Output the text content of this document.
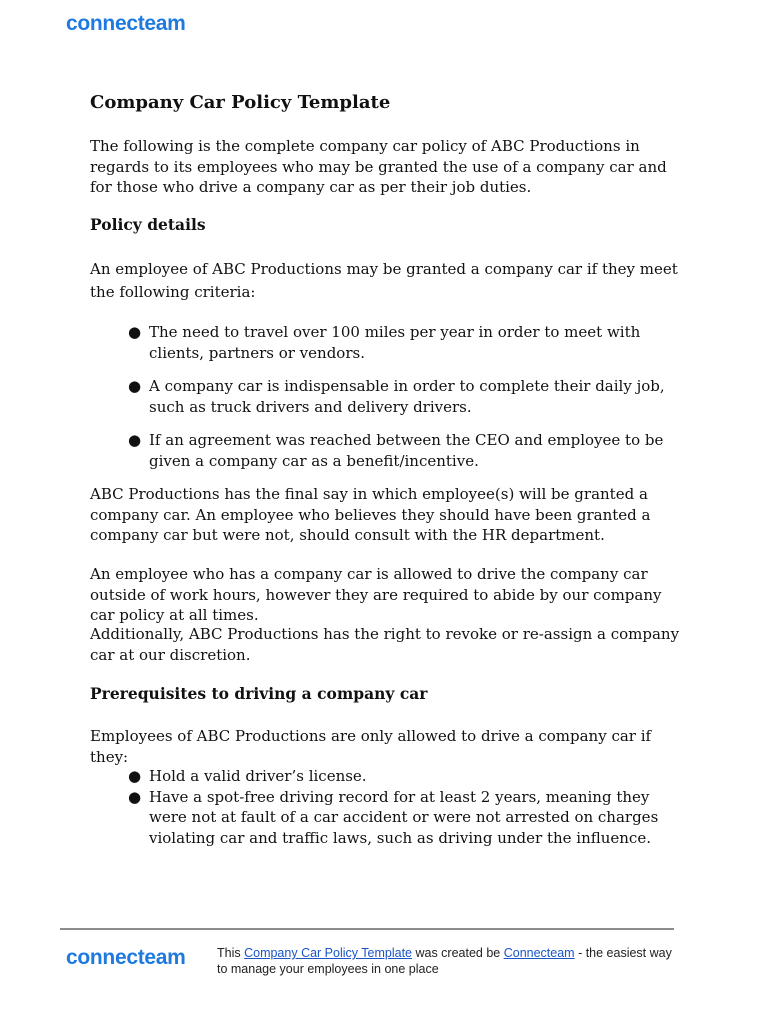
connecteam
Company Car Policy Template

The following is the complete company car policy of ABC Productions in regards to its employees who may be granted the use of a company car and for those who drive a company car as per their job duties.

Policy details

An employee of ABC Productions may be granted a company car if they meet the following criteria:

● The need to travel over 100 miles per year in order to meet with clients, partners or vendors.
● A company car is indispensable in order to complete their daily job, such as truck drivers and delivery drivers.
● If an agreement was reached between the CEO and employee to be given a company car as a benefit/incentive.

ABC Productions has the final say in which employee(s) will be granted a company car. An employee who believes they should have been granted a company car but were not, should consult with the HR department.

An employee who has a company car is allowed to drive the company car outside of work hours, however they are required to abide by our company car policy at all times.

Additionally, ABC Productions has the right to revoke or re-assign a company car at our discretion.

Prerequisites to driving a company car

Employees of ABC Productions are only allowed to drive a company car if they:

● Hold a valid driver’s license.
● Have a spot-free driving record for at least 2 years, meaning they were not at fault of a car accident or were not arrested on charges violating car and traffic laws, such as driving under the influence.
connecteam	This Company Car Policy Template was created be Connecteam - the easiest way to manage your employees in one place
